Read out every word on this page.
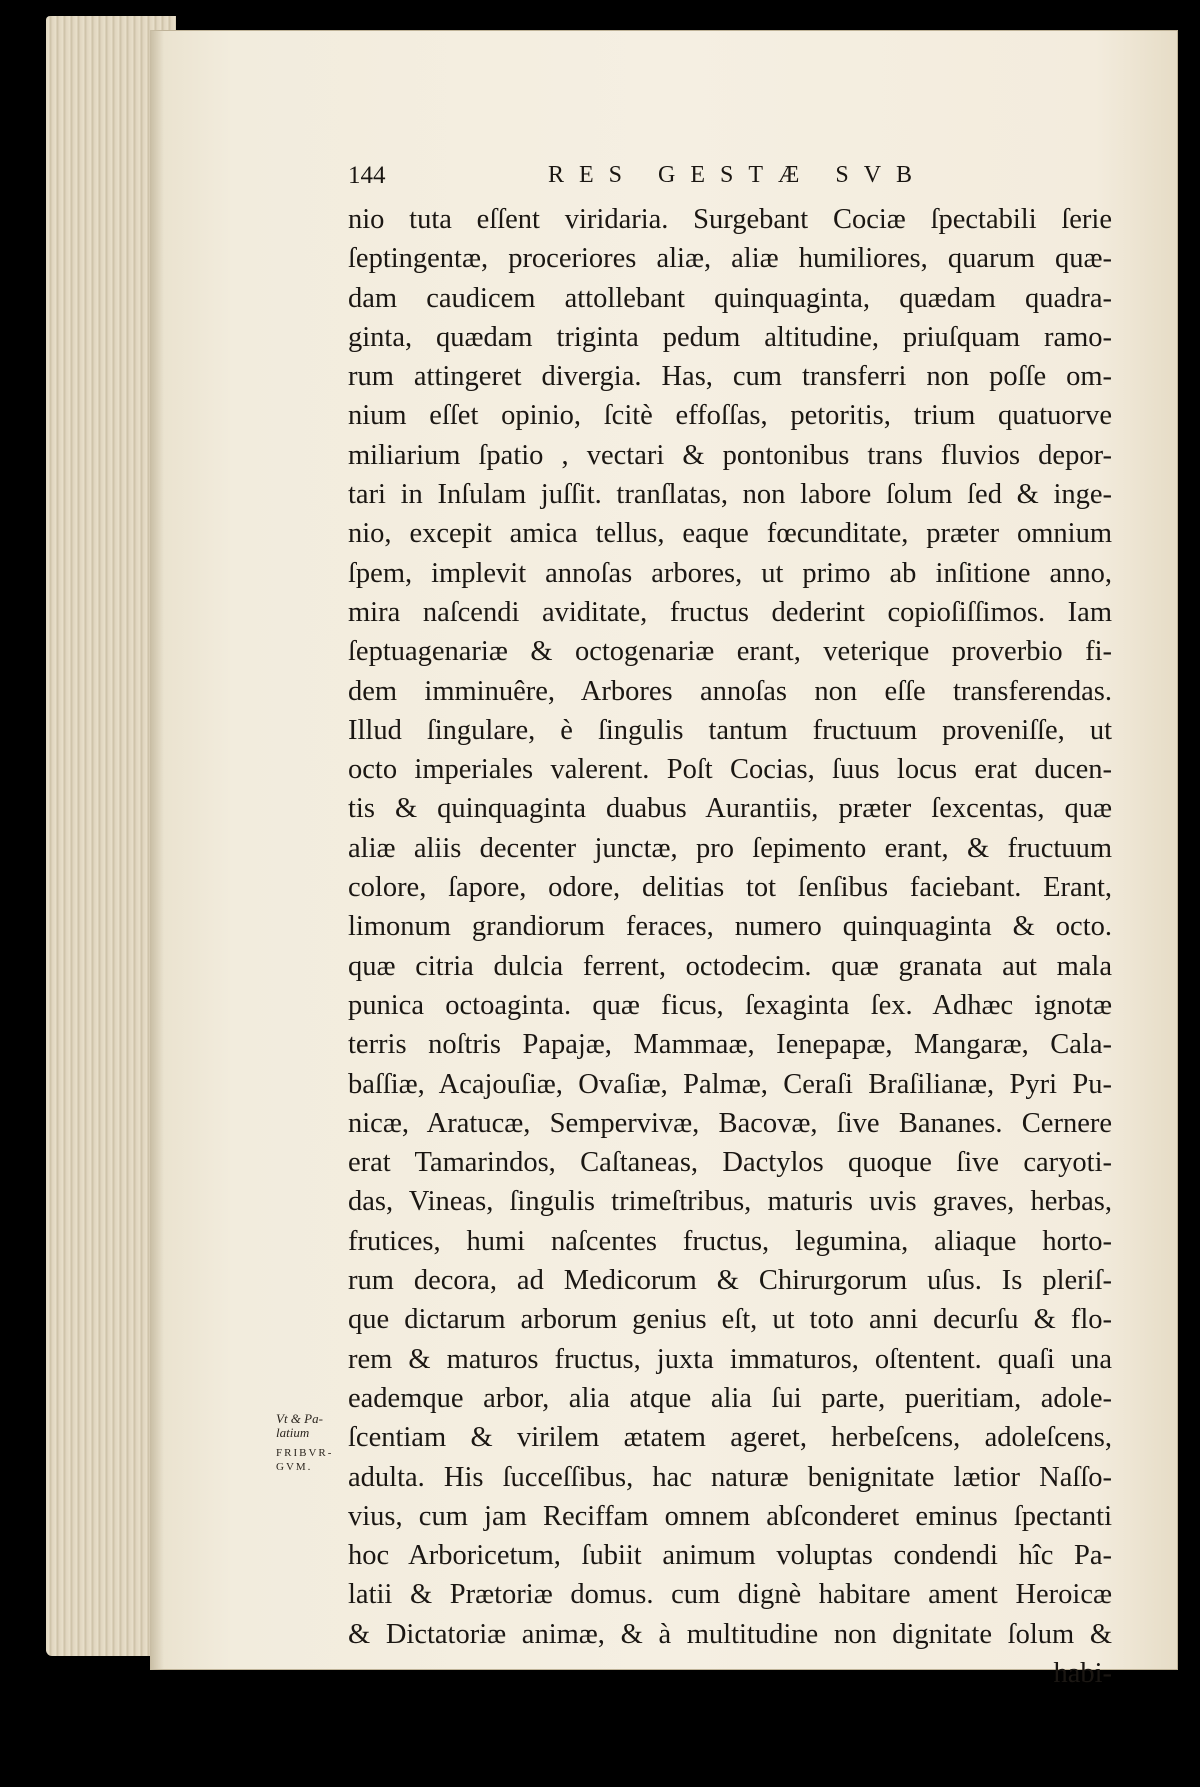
144	RES GESTÆ SVB
nio tuta eſſent viridaria. Surgebant Cociæ ſpectabili ſerie
ſeptingentæ, proceriores aliæ, aliæ humiliores, quarum quæ-
dam caudicem attollebant quinquaginta, quædam quadra-
ginta, quædam triginta pedum altitudine, priuſquam ramo-
rum attingeret divergia. Has, cum transferri non poſſe om-
nium eſſet opinio, ſcitè effoſſas, petoritis, trium quatuorve
miliarium ſpatio , vectari & pontonibus trans fluvios depor-
tari in Inſulam juſſit. tranſlatas, non labore ſolum ſed & inge-
nio, excepit amica tellus, eaque fœcunditate, præter omnium
ſpem, implevit annoſas arbores, ut primo ab inſitione anno,
mira naſcendi aviditate, fructus dederint copioſiſſimos. Iam
ſeptuagenariæ & octogenariæ erant, veterique proverbio fi-
dem imminuêre, Arbores annoſas non eſſe transferendas.
Illud ſingulare, è ſingulis tantum fructuum proveniſſe, ut
octo imperiales valerent. Poſt Cocias, ſuus locus erat ducen-
tis & quinquaginta duabus Aurantiis, præter ſexcentas, quæ
aliæ aliis decenter junctæ, pro ſepimento erant, & fructuum
colore, ſapore, odore, delitias tot ſenſibus faciebant. Erant,
limonum grandiorum feraces, numero quinquaginta & octo.
quæ citria dulcia ferrent, octodecim. quæ granata aut mala
punica octoaginta. quæ ficus, ſexaginta ſex. Adhæc ignotæ
terris noſtris Papajæ, Mammaæ, Ienepapæ, Mangaræ, Cala-
baſſiæ, Acajouſiæ, Ovaſiæ, Palmæ, Ceraſi Braſilianæ, Pyri Pu-
nicæ, Aratucæ, Sempervivæ, Bacovæ, ſive Bananes. Cernere
erat Tamarindos, Caſtaneas, Dactylos quoque ſive caryoti-
das, Vineas, ſingulis trimeſtribus, maturis uvis graves, herbas,
frutices, humi naſcentes fructus, legumina, aliaque horto-
rum decora, ad Medicorum & Chirurgorum uſus. Is pleriſ-
que dictarum arborum genius eſt, ut toto anni decurſu & flo-
rem & maturos fructus, juxta immaturos, oſtentent. quaſi una
eademque arbor, alia atque alia ſui parte, pueritiam, adole-
ſcentiam & virilem ætatem ageret, herbeſcens, adoleſcens,
adulta. His ſucceſſibus, hac naturæ benignitate lætior Naſſo-
vius, cum jam Reciffam omnem abſconderet eminus ſpectanti
hoc Arboricetum, ſubiit animum voluptas condendi hîc Pa-
latii & Prætoriæ domus. cum dignè habitare ament Heroicæ
& Dictatoriæ animæ, & à multitudine non dignitate ſolum &
habi-
Vt & Pa-
latium
FRIBVR-
GVM.
